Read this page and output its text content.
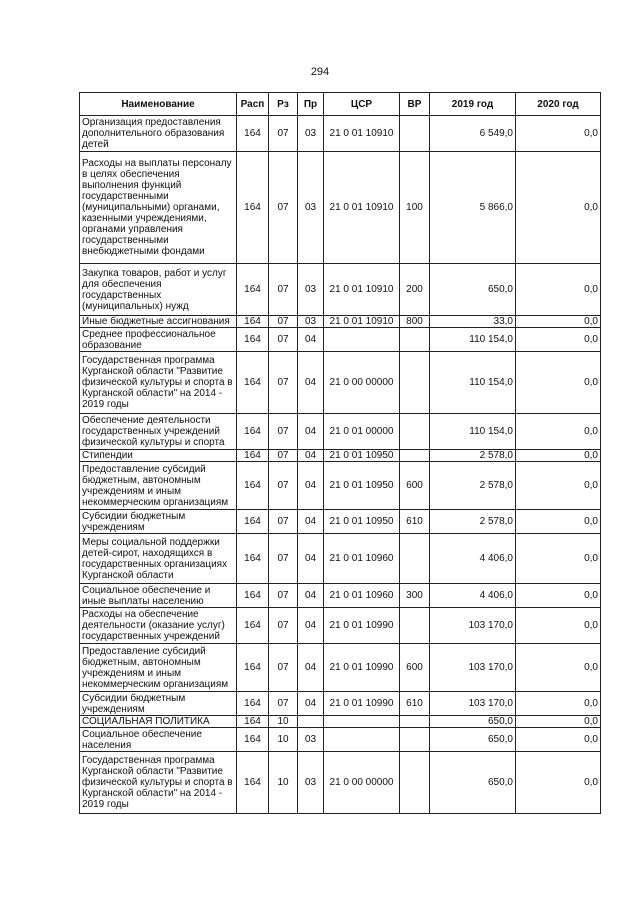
294
Наименование	Расп	Рз	Пр	ЦСР	ВР	2019 год	2020 год
Организация предоставления дополнительного образования детей	164	07	03	21 0 01 10910		6 549,0	0,0
Расходы на выплаты персоналу в целях обеспечения выполнения функций государственными (муниципальными) органами, казенными учреждениями, органами управления государственными внебюджетными фондами	164	07	03	21 0 01 10910	100	5 866,0	0,0
Закупка товаров, работ и услуг для обеспечения государственных (муниципальных) нужд	164	07	03	21 0 01 10910	200	650,0	0,0
Иные бюджетные ассигнования	164	07	03	21 0 01 10910	800	33,0	0,0
Среднее профессиональное образование	164	07	04			110 154,0	0,0
Государственная программа Курганской области "Развитие физической культуры и спорта в Курганской области" на 2014 - 2019 годы	164	07	04	21 0 00 00000		110 154,0	0,0
Обеспечение деятельности государственных учреждений физической культуры и спорта	164	07	04	21 0 01 00000		110 154,0	0,0
Стипендии	164	07	04	21 0 01 10950		2 578,0	0,0
Предоставление субсидий бюджетным, автономным учреждениям и иным некоммерческим организациям	164	07	04	21 0 01 10950	600	2 578,0	0,0
Субсидии бюджетным учреждениям	164	07	04	21 0 01 10950	610	2 578,0	0,0
Меры социальной поддержки детей-сирот, находящихся в государственных организациях Курганской области	164	07	04	21 0 01 10960		4 406,0	0,0
Социальное обеспечение и иные выплаты населению	164	07	04	21 0 01 10960	300	4 406,0	0,0
Расходы на обеспечение деятельности (оказание услуг) государственных учреждений	164	07	04	21 0 01 10990		103 170,0	0,0
Предоставление субсидий бюджетным, автономным учреждениям и иным некоммерческим организациям	164	07	04	21 0 01 10990	600	103 170,0	0,0
Субсидии бюджетным учреждениям	164	07	04	21 0 01 10990	610	103 170,0	0,0
СОЦИАЛЬНАЯ ПОЛИТИКА	164	10				650,0	0,0
Социальное обеспечение населения	164	10	03			650,0	0,0
Государственная программа Курганской области "Развитие физической культуры и спорта в Курганской области" на 2014 - 2019 годы	164	10	03	21 0 00 00000		650,0	0,0
